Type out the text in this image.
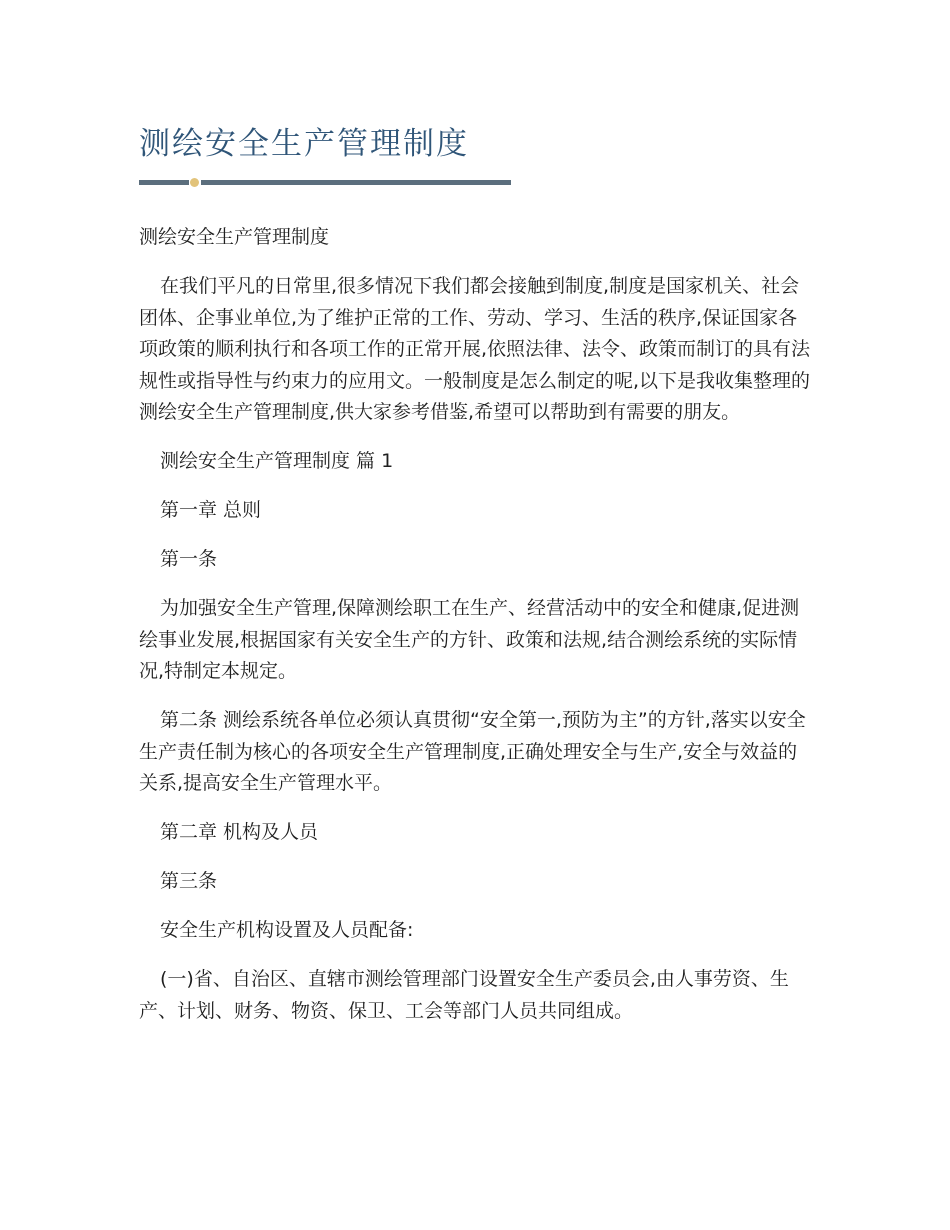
测绘安全生产管理制度

测绘安全生产管理制度

在我们平凡的日常里,很多情况下我们都会接触到制度,制度是国家机关、社会团体、企事业单位,为了维护正常的工作、劳动、学习、生活的秩序,保证国家各项政策的顺利执行和各项工作的正常开展,依照法律、法令、政策而制订的具有法规性或指导性与约束力的应用文。一般制度是怎么制定的呢,以下是我收集整理的测绘安全生产管理制度,供大家参考借鉴,希望可以帮助到有需要的朋友。

测绘安全生产管理制度 篇 1

第一章 总则

第一条

为加强安全生产管理,保障测绘职工在生产、经营活动中的安全和健康,促进测绘事业发展,根据国家有关安全生产的方针、政策和法规,结合测绘系统的实际情况,特制定本规定。

第二条 测绘系统各单位必须认真贯彻“安全第一,预防为主”的方针,落实以安全生产责任制为核心的各项安全生产管理制度,正确处理安全与生产,安全与效益的关系,提高安全生产管理水平。

第二章 机构及人员

第三条

安全生产机构设置及人员配备:

(一)省、自治区、直辖市测绘管理部门设置安全生产委员会,由人事劳资、生产、计划、财务、物资、保卫、工会等部门人员共同组成。
